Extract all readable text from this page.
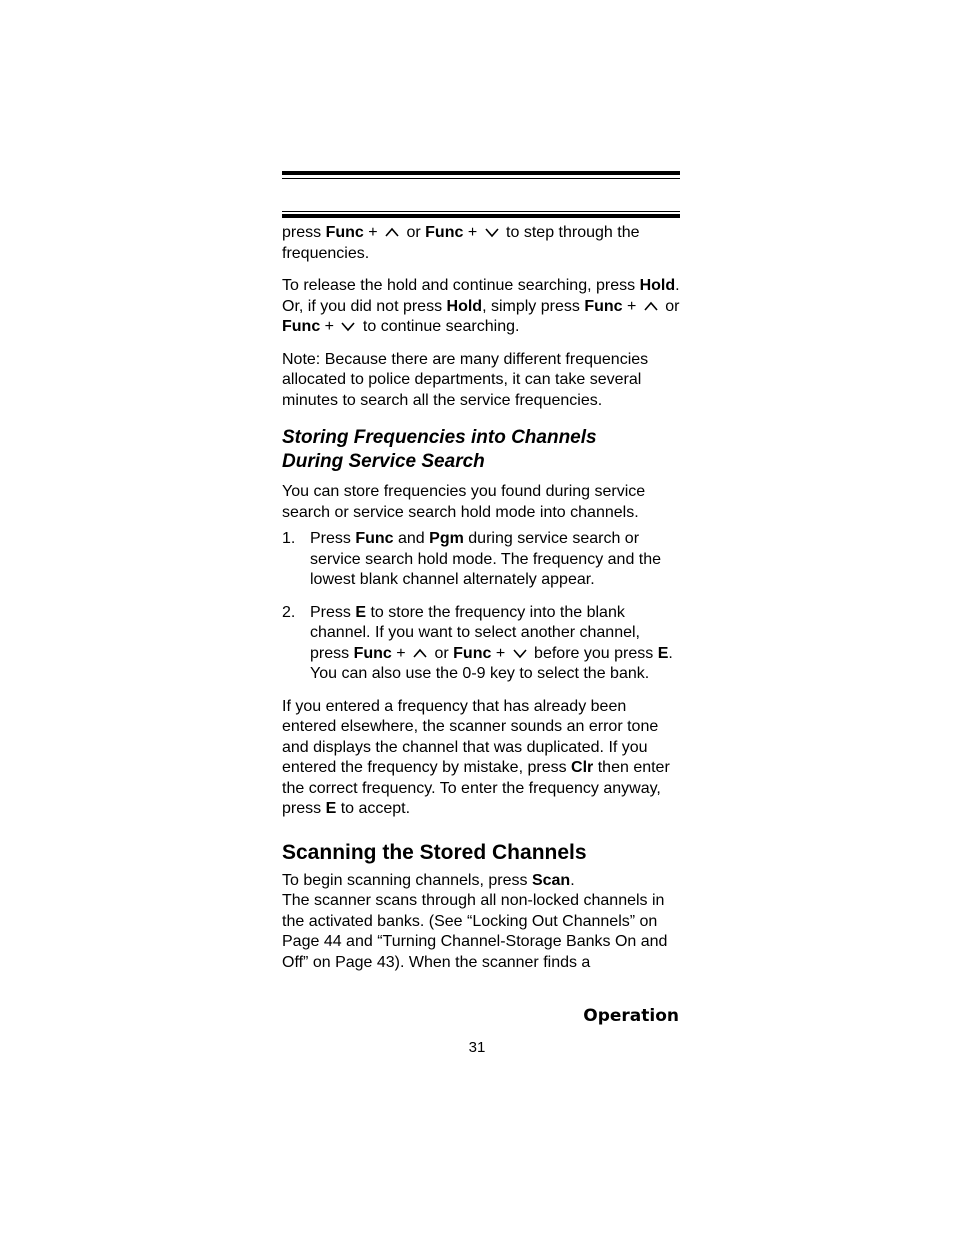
press Func +
or Func +
to step through the frequencies.

To release the hold and continue searching, press Hold. Or, if you did not press Hold, simply press Func +
or Func +
to continue searching.

Note: Because there are many different frequencies allocated to police departments, it can take several minutes to search all the service frequencies.

Storing Frequencies into Channels
During Service Search

You can store frequencies you found during service search or service search hold mode into channels.

1. Press Func and Pgm during service search or service search hold mode. The frequency and the lowest blank channel alternately appear.
2. Press E to store the frequency into the blank channel. If you want to select another channel, press Func +
or Func +
before you press E. You can also use the 0-9 key to select the bank.

If you entered a frequency that has already been entered elsewhere, the scanner sounds an error tone and displays the channel that was duplicated. If you entered the frequency by mistake, press Clr then enter the correct frequency. To enter the frequency anyway, press E to accept.

Scanning the Stored Channels

To begin scanning channels, press Scan.

The scanner scans through all non-locked channels in the activated banks. (See “Locking Out Channels” on Page 44 and “Turning Channel-Storage Banks On and Off” on Page 43). When the scanner finds a

Operation
31
